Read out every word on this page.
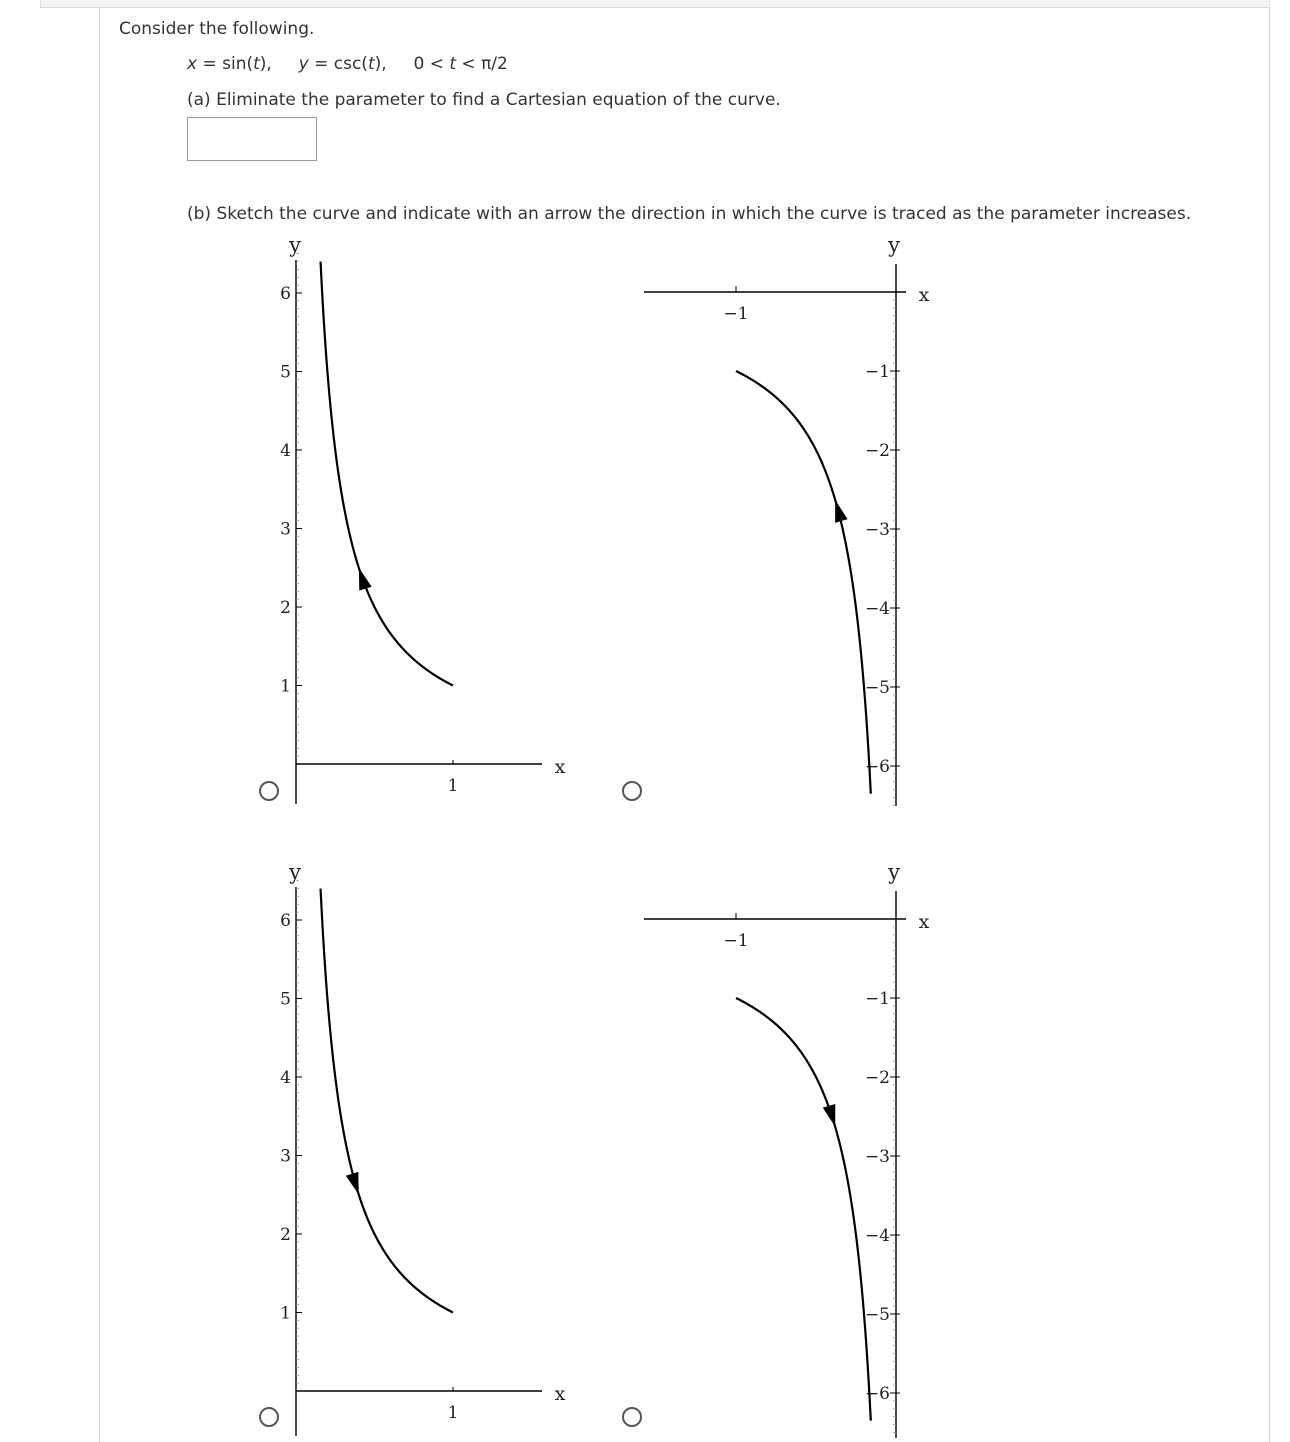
Consider the following.
x = sin(t), y = csc(t), 0 < t < π/2
(a) Eliminate the parameter to find a Cartesian equation of the curve.
(b) Sketch the curve and indicate with an arrow the direction in which the curve is traced as the parameter increases.
1
2
3
4
5
6
1
x
y
−1
−2
−3
−4
−5
−6
−1
x
y
1
2
3
4
5
6
1
x
y
−1
−2
−3
−4
−5
−6
−1
x
y
